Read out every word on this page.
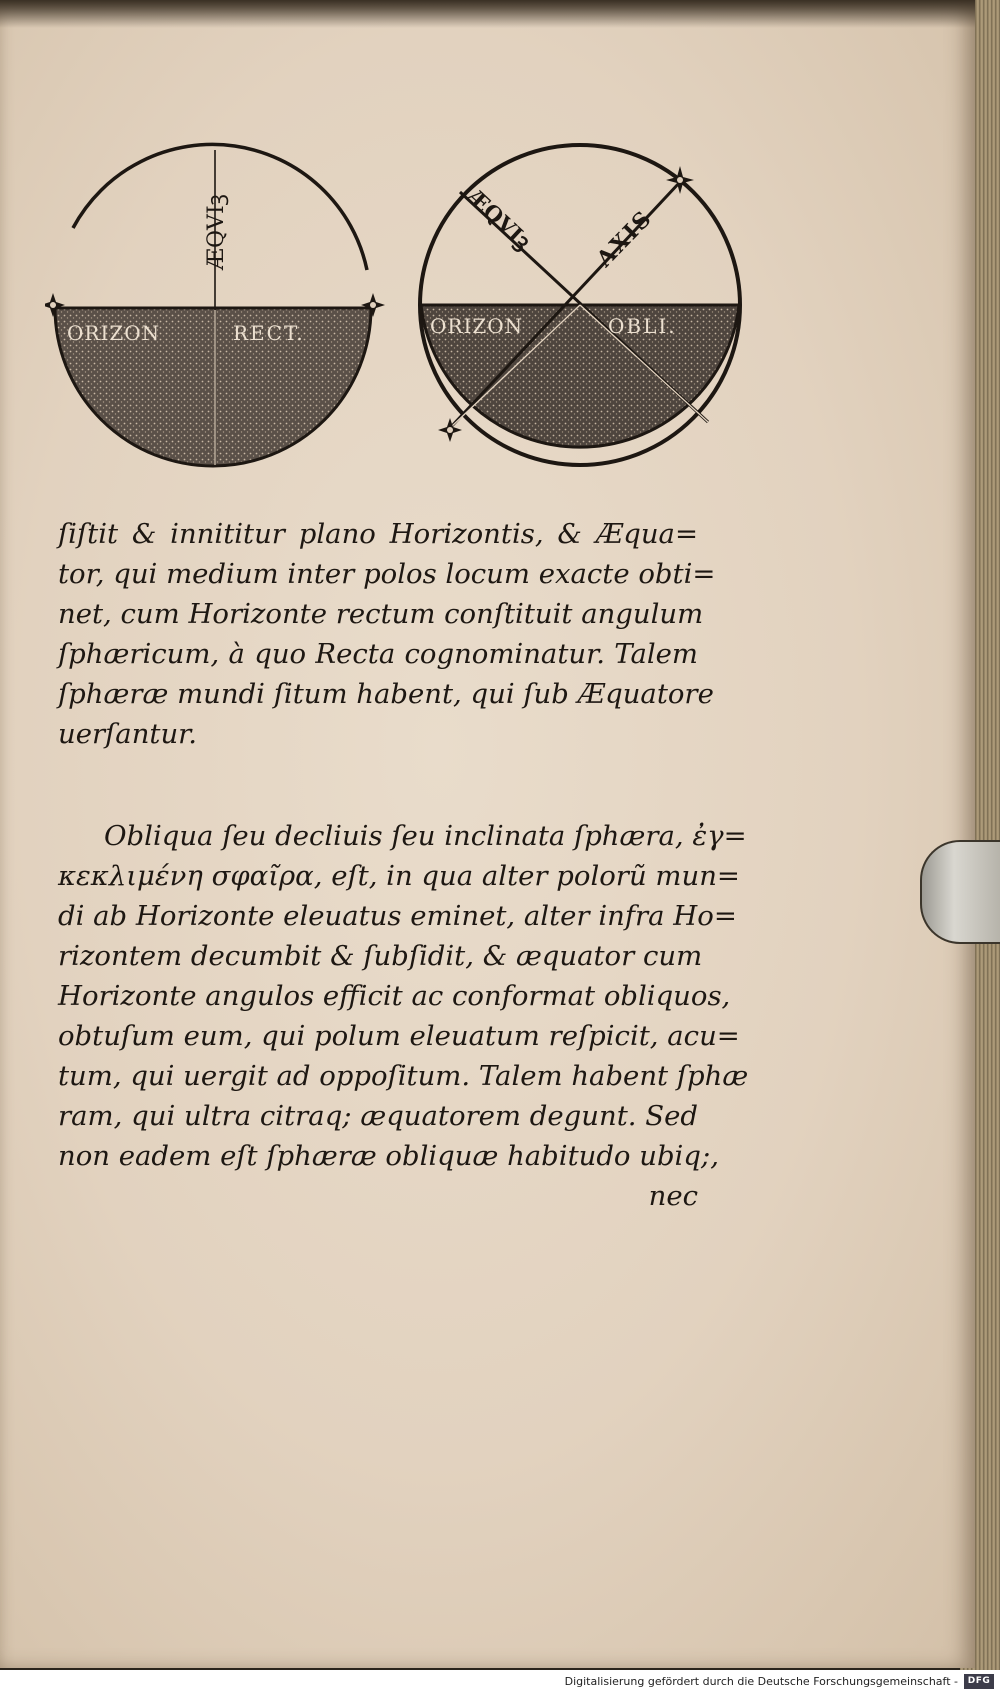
ÆQVIꝫ
ORIZON	RECT.
ÆQVIꝫ	AXIS
ORIZON	OBLI.
ſiſtit & innititur plano Horizontis, & Æqua=
tor, qui medium inter polos locum exacte obti=
net, cum Horizonte rectum conſtituit angulum
ſphæricum, à quo Recta cognominatur. Talem
ſphæræ mundi ſitum habent, qui ſub Æquatore
uerſantur.
Obliqua ſeu decliuis ſeu inclinata ſphæra, ἐγ=
κεκλιμένη σφαῖρα, eſt, in qua alter polorũ mun=
di ab Horizonte eleuatus eminet, alter infra Ho=
rizontem decumbit & ſubſidit, & æquator cum
Horizonte angulos efficit ac conformat obliquos,
obtuſum eum, qui polum eleuatum reſpicit, acu=
tum, qui uergit ad oppoſitum. Talem habent ſphæ
ram, qui ultra citraq; æquatorem degunt. Sed
non eadem eſt ſphæræ obliquæ habitudo ubiq;,
nec
Digitalisierung gefördert durch die Deutsche Forschungsgemeinschaft -	DFG
